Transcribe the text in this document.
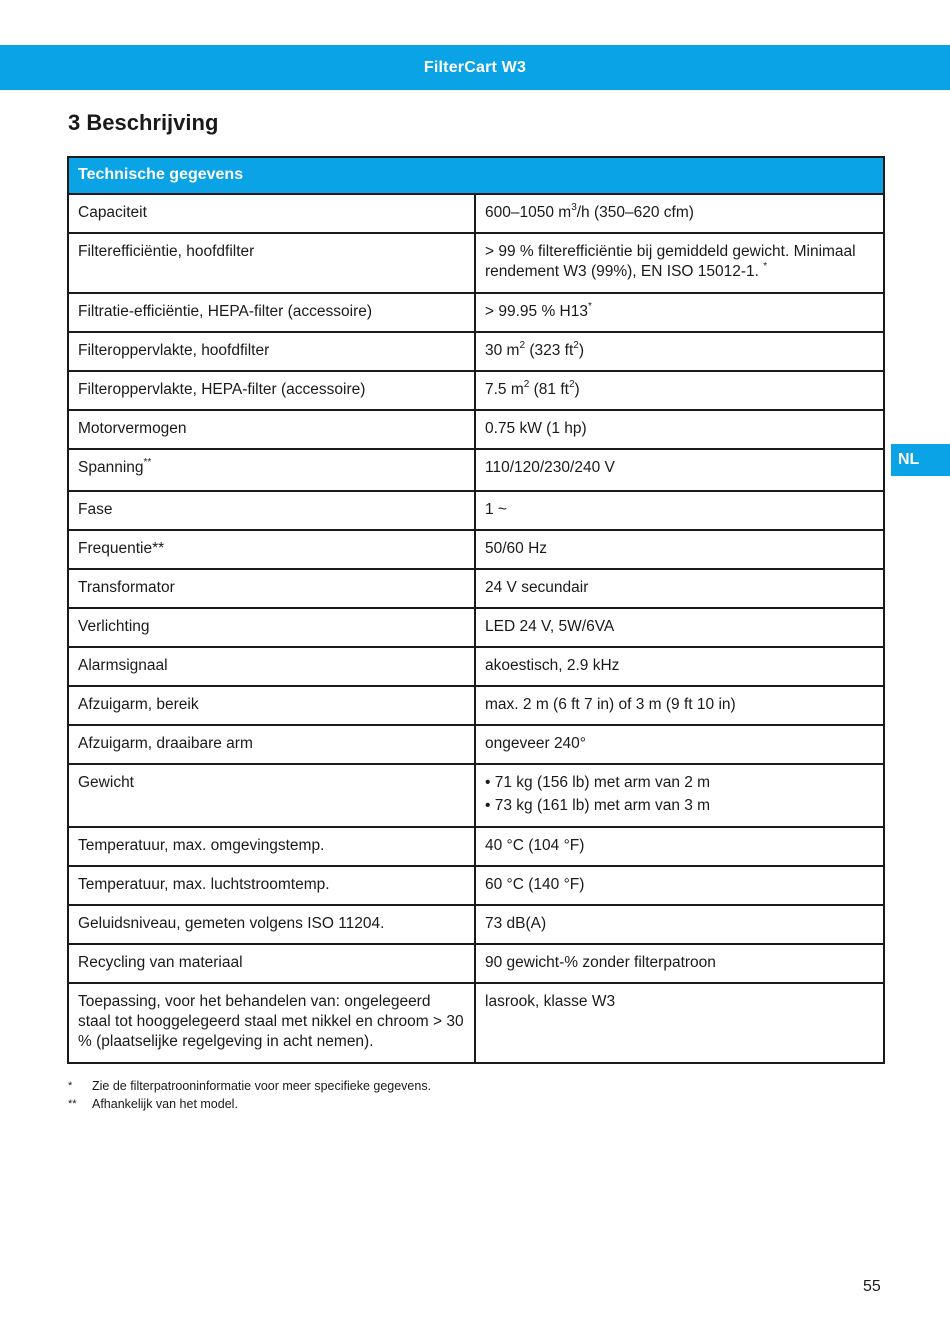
FilterCart W3
3 Beschrijving
NL
Technische gegevens	
Capaciteit	600–1050 $m^3/h$ (350–620 cfm)
Filterefficiëntie, hoofdfilter	> 99 % filterefficiëntie bij gemiddeld gewicht. Minimaal rendement W3 (99%), EN ISO 15012-1. *
Filtratie-efficiëntie, HEPA-filter (accessoire)	> 99.95 % H13*
Filteroppervlakte, hoofdfilter	30 $m^2$ (323 $ft^2$)
Filteroppervlakte, HEPA-filter (accessoire)	7.5 $m^2$ (81 $ft^2$)
Motorvermogen	0.75 kW (1 hp)
Spanning**	110/120/230/240 V
Fase	1 ~
Frequentie**	50/60 Hz
Transformator	24 V secundair
Verlichting	LED 24 V, 5W/6VA
Alarmsignaal	akoestisch, 2.9 kHz
Afzuigarm, bereik	max. 2 m (6 ft 7 in) of 3 m (9 ft 10 in)
Afzuigarm, draaibare arm	ongeveer 240°
Gewicht	• 71 kg (156 lb) met arm van 2 m
• 73 kg (161 lb) met arm van 3 m

Temperatuur, max. omgevingstemp.	40 °C (104 °F)
Temperatuur, max. luchtstroomtemp.	60 °C (140 °F)
Geluidsniveau, gemeten volgens ISO 11204.	73 dB(A)
Recycling van materiaal	90 gewicht-% zonder filterpatroon
Toepassing, voor het behandelen van: ongelegeerd staal tot hooggelegeerd staal met nikkel en chroom > 30 % (plaatselijke regelgeving in acht nemen).	lasrook, klasse W3
*	Zie de filterpatrooninformatie voor meer specifieke gegevens.
**	Afhankelijk van het model.
55
